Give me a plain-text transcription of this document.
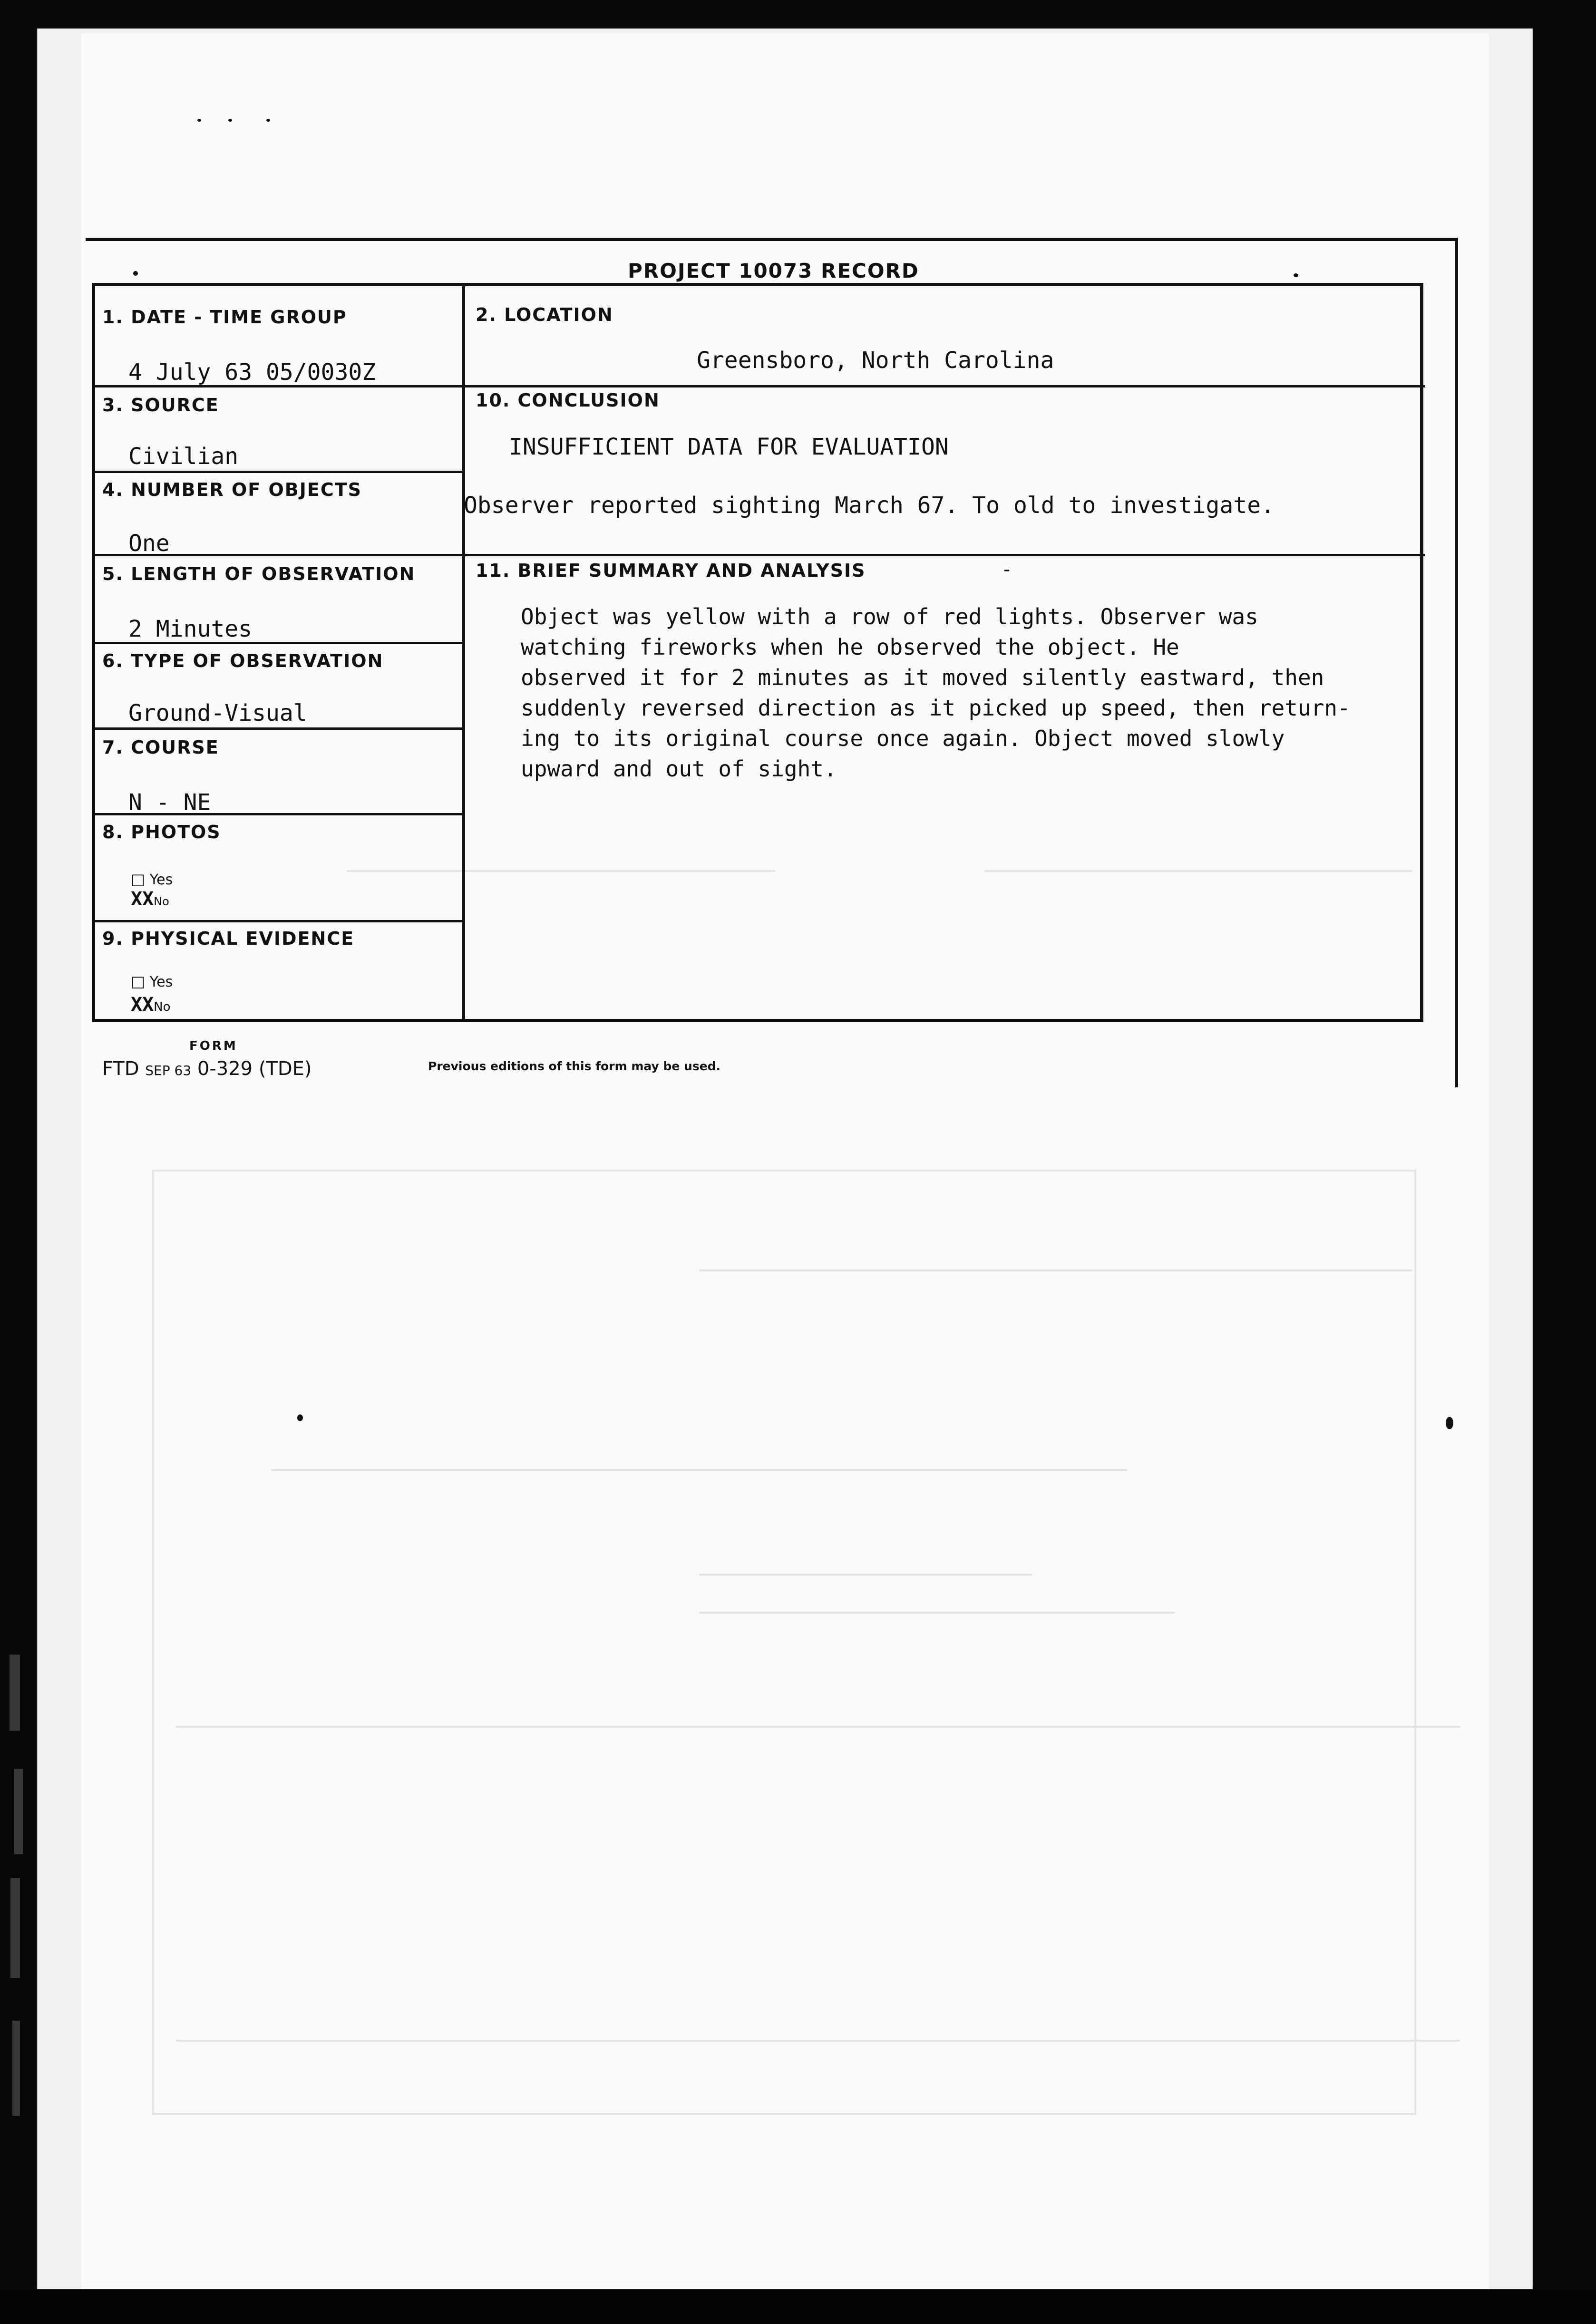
PROJECT 10073 RECORD
1. DATE - TIME GROUP
4 July 63 05/0030Z
2. LOCATION
Greensboro, North Carolina
3. SOURCE
Civilian
10. CONCLUSION
INSUFFICIENT DATA FOR EVALUATION
Observer reported sighting March 67. To old to investigate.
4. NUMBER OF OBJECTS
One
5. LENGTH OF OBSERVATION
2 Minutes
11. BRIEF SUMMARY AND ANALYSIS	-
6. TYPE OF OBSERVATION
Ground-Visual
7. COURSE
N - NE
8. PHOTOS
□ Yes
XXNo
9. PHYSICAL EVIDENCE
□ Yes
XXNo
Object was yellow with a row of red lights. Observer was
watching fireworks when he observed the object. He
observed it for 2 minutes as it moved silently eastward, then
suddenly reversed direction as it picked up speed, then return-
ing to its original course once again. Object moved slowly
upward and out of sight.
FORM
FTD SEP 63 0-329 (TDE)	Previous editions of this form may be used.
